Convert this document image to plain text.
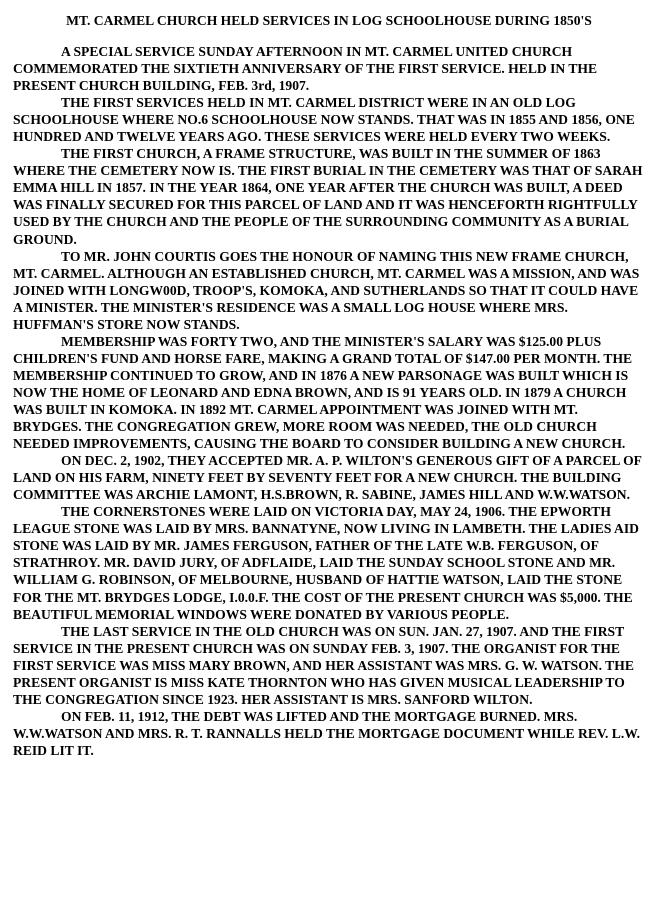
MT. CARMEL CHURCH HELD SERVICES IN LOG SCHOOLHOUSE DURING 1850'S

A SPECIAL SERVICE SUNDAY AFTERNOON IN MT. CARMEL UNITED CHURCH COMMEMORATED THE SIXTIETH ANNIVERSARY OF THE FIRST SERVICE. HELD IN THE PRESENT CHURCH BUILDING, FEB. 3rd, 1907.

THE FIRST SERVICES HELD IN MT. CARMEL DISTRICT WERE IN AN OLD LOG SCHOOLHOUSE WHERE NO.6 SCHOOLHOUSE NOW STANDS. THAT WAS IN 1855 AND 1856, ONE HUNDRED AND TWELVE YEARS AGO. THESE SERVICES WERE HELD EVERY TWO WEEKS.

THE FIRST CHURCH, A FRAME STRUCTURE, WAS BUILT IN THE SUMMER OF 1863 WHERE THE CEMETERY NOW IS. THE FIRST BURIAL IN THE CEMETERY WAS THAT OF SARAH EMMA HILL IN 1857. IN THE YEAR 1864, ONE YEAR AFTER THE CHURCH WAS BUILT, A DEED WAS FINALLY SECURED FOR THIS PARCEL OF LAND AND IT WAS HENCEFORTH RIGHTFULLY USED BY THE CHURCH AND THE PEOPLE OF THE SURROUNDING COMMUNITY AS A BURIAL GROUND.

TO MR. JOHN COURTIS GOES THE HONOUR OF NAMING THIS NEW FRAME CHURCH, MT. CARMEL. ALTHOUGH AN ESTABLISHED CHURCH, MT. CARMEL WAS A MISSION, AND WAS JOINED WITH LONGW00D, TROOP'S, KOMOKA, AND SUTHERLANDS SO THAT IT COULD HAVE A MINISTER. THE MINISTER'S RESIDENCE WAS A SMALL LOG HOUSE WHERE MRS. HUFFMAN'S STORE NOW STANDS.

MEMBERSHIP WAS FORTY TWO, AND THE MINISTER'S SALARY WAS $125.00 PLUS CHILDREN'S FUND AND HORSE FARE, MAKING A GRAND TOTAL OF $147.00 PER MONTH. THE MEMBERSHIP CONTINUED TO GROW, AND IN 1876 A NEW PARSONAGE WAS BUILT WHICH IS NOW THE HOME OF LEONARD AND EDNA BROWN, AND IS 91 YEARS OLD. IN 1879 A CHURCH WAS BUILT IN KOMOKA. IN 1892 MT. CARMEL APPOINTMENT WAS JOINED WITH MT. BRYDGES. THE CONGREGATION GREW, MORE ROOM WAS NEEDED, THE OLD CHURCH NEEDED IMPROVEMENTS, CAUSING THE BOARD TO CONSIDER BUILDING A NEW CHURCH.

ON DEC. 2, 1902, THEY ACCEPTED MR. A. P. WILTON'S GENEROUS GIFT OF A PARCEL OF LAND ON HIS FARM, NINETY FEET BY SEVENTY FEET FOR A NEW CHURCH. THE BUILDING COMMITTEE WAS ARCHIE LAMONT, H.S.BROWN, R. SABINE, JAMES HILL AND W.W.WATSON.

THE CORNERSTONES WERE LAID ON VICTORIA DAY, MAY 24, 1906. THE EPWORTH LEAGUE STONE WAS LAID BY MRS. BANNATYNE, NOW LIVING IN LAMBETH. THE LADIES AID STONE WAS LAID BY MR. JAMES FERGUSON, FATHER OF THE LATE W.B. FERGUSON, OF STRATHROY. MR. DAVID JURY, OF ADFLAIDE, LAID THE SUNDAY SCHOOL STONE AND MR. WILLIAM G. ROBINSON, OF MELBOURNE, HUSBAND OF HATTIE WATSON, LAID THE STONE FOR THE MT. BRYDGES LODGE, I.0.0.F. THE COST OF THE PRESENT CHURCH WAS $5,000. THE BEAUTIFUL MEMORIAL WINDOWS WERE DONATED BY VARIOUS PEOPLE.

THE LAST SERVICE IN THE OLD CHURCH WAS ON SUN. JAN. 27, 1907. AND THE FIRST SERVICE IN THE PRESENT CHURCH WAS ON SUNDAY FEB. 3, 1907. THE ORGANIST FOR THE FIRST SERVICE WAS MISS MARY BROWN, AND HER ASSISTANT WAS MRS. G. W. WATSON. THE PRESENT ORGANIST IS MISS KATE THORNTON WHO HAS GIVEN MUSICAL LEADERSHIP TO THE CONGREGATION SINCE 1923. HER ASSISTANT IS MRS. SANFORD WILTON.

ON FEB. 11, 1912, THE DEBT WAS LIFTED AND THE MORTGAGE BURNED. MRS. W.W.WATSON AND MRS. R. T. RANNALLS HELD THE MORTGAGE DOCUMENT WHILE REV. L.W. REID LIT IT.
